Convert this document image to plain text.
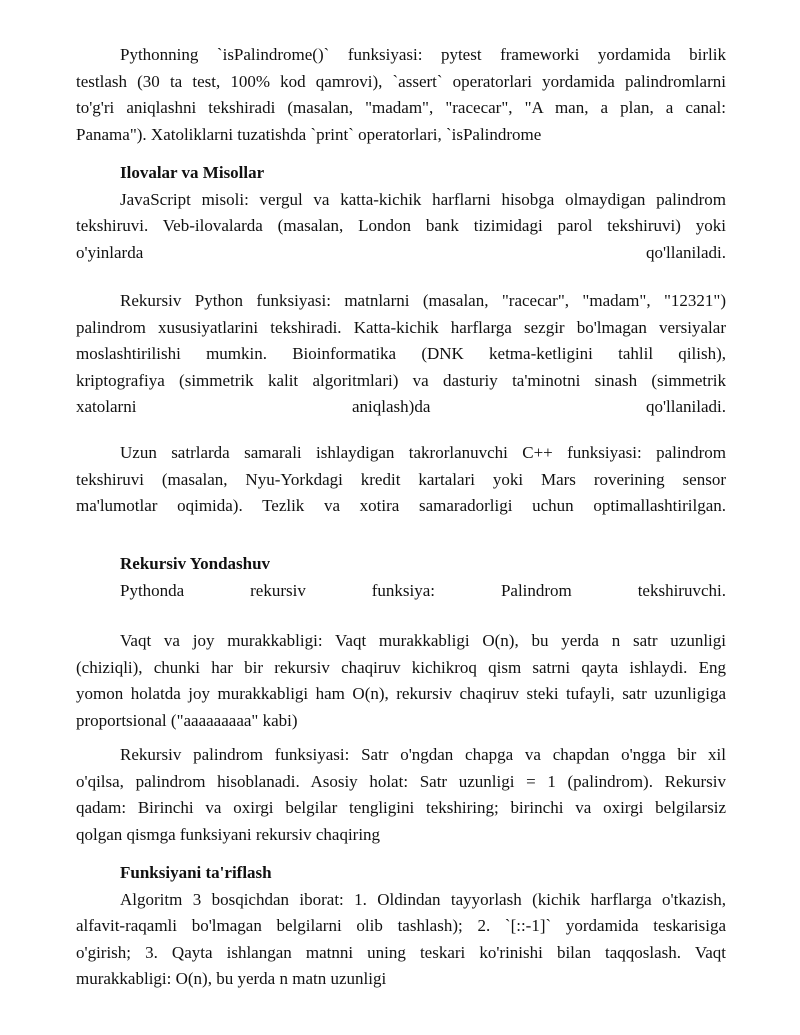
Pythonning `isPalindrome()` funksiyasi: pytest frameworki yordamida birlik
testlash (30 ta test, 100% kod qamrovi), `assert` operatorlari yordamida palindromlarni
to'g'ri aniqlashni tekshiradi (masalan, "madam", "racecar", "A man, a plan, a canal:
Panama"). Xatoliklarni tuzatishda `print` operatorlari, `isPalindrome
Ilovalar va Misollar
JavaScript misoli: vergul va katta-kichik harflarni hisobga olmaydigan palindrom
tekshiruvi. Veb-ilovalarda (masalan, London bank tizimidagi parol tekshiruvi) yoki
o'yinlarda qo'llaniladi.
Rekursiv Python funksiyasi: matnlarni (masalan, "racecar", "madam", "12321")
palindrom xususiyatlarini tekshiradi. Katta-kichik harflarga sezgir bo'lmagan versiyalar
moslashtirilishi mumkin. Bioinformatika (DNK ketma-ketligini tahlil qilish),
kriptografiya (simmetrik kalit algoritmlari) va dasturiy ta'minotni sinash (simmetrik
xatolarni aniqlash)da qo'llaniladi.
Uzun satrlarda samarali ishlaydigan takrorlanuvchi C++ funksiyasi: palindrom
tekshiruvi (masalan, Nyu-Yorkdagi kredit kartalari yoki Mars roverining sensor
ma'lumotlar oqimida). Tezlik va xotira samaradorligi uchun optimallashtirilgan.
Rekursiv Yondashuv
Pythonda rekursiv funksiya: Palindrom tekshiruvchi.
Vaqt va joy murakkabligi: Vaqt murakkabligi O(n), bu yerda n satr uzunligi
(chiziqli), chunki har bir rekursiv chaqiruv kichikroq qism satrni qayta ishlaydi. Eng
yomon holatda joy murakkabligi ham O(n), rekursiv chaqiruv steki tufayli, satr uzunligiga
proportsional ("aaaaaaaaa" kabi)
Rekursiv palindrom funksiyasi: Satr o'ngdan chapga va chapdan o'ngga bir xil
o'qilsa, palindrom hisoblanadi. Asosiy holat: Satr uzunligi = 1 (palindrom). Rekursiv
qadam: Birinchi va oxirgi belgilar tengligini tekshiring; birinchi va oxirgi belgilarsiz
qolgan qismga funksiyani rekursiv chaqiring
Funksiyani ta'riflash
Algoritm 3 bosqichdan iborat: 1. Oldindan tayyorlash (kichik harflarga o'tkazish,
alfavit-raqamli bo'lmagan belgilarni olib tashlash); 2. `[::-1]` yordamida teskarisiga
o'girish; 3. Qayta ishlangan matnni uning teskari ko'rinishi bilan taqqoslash. Vaqt
murakkabligi: O(n), bu yerda n matn uzunligi
